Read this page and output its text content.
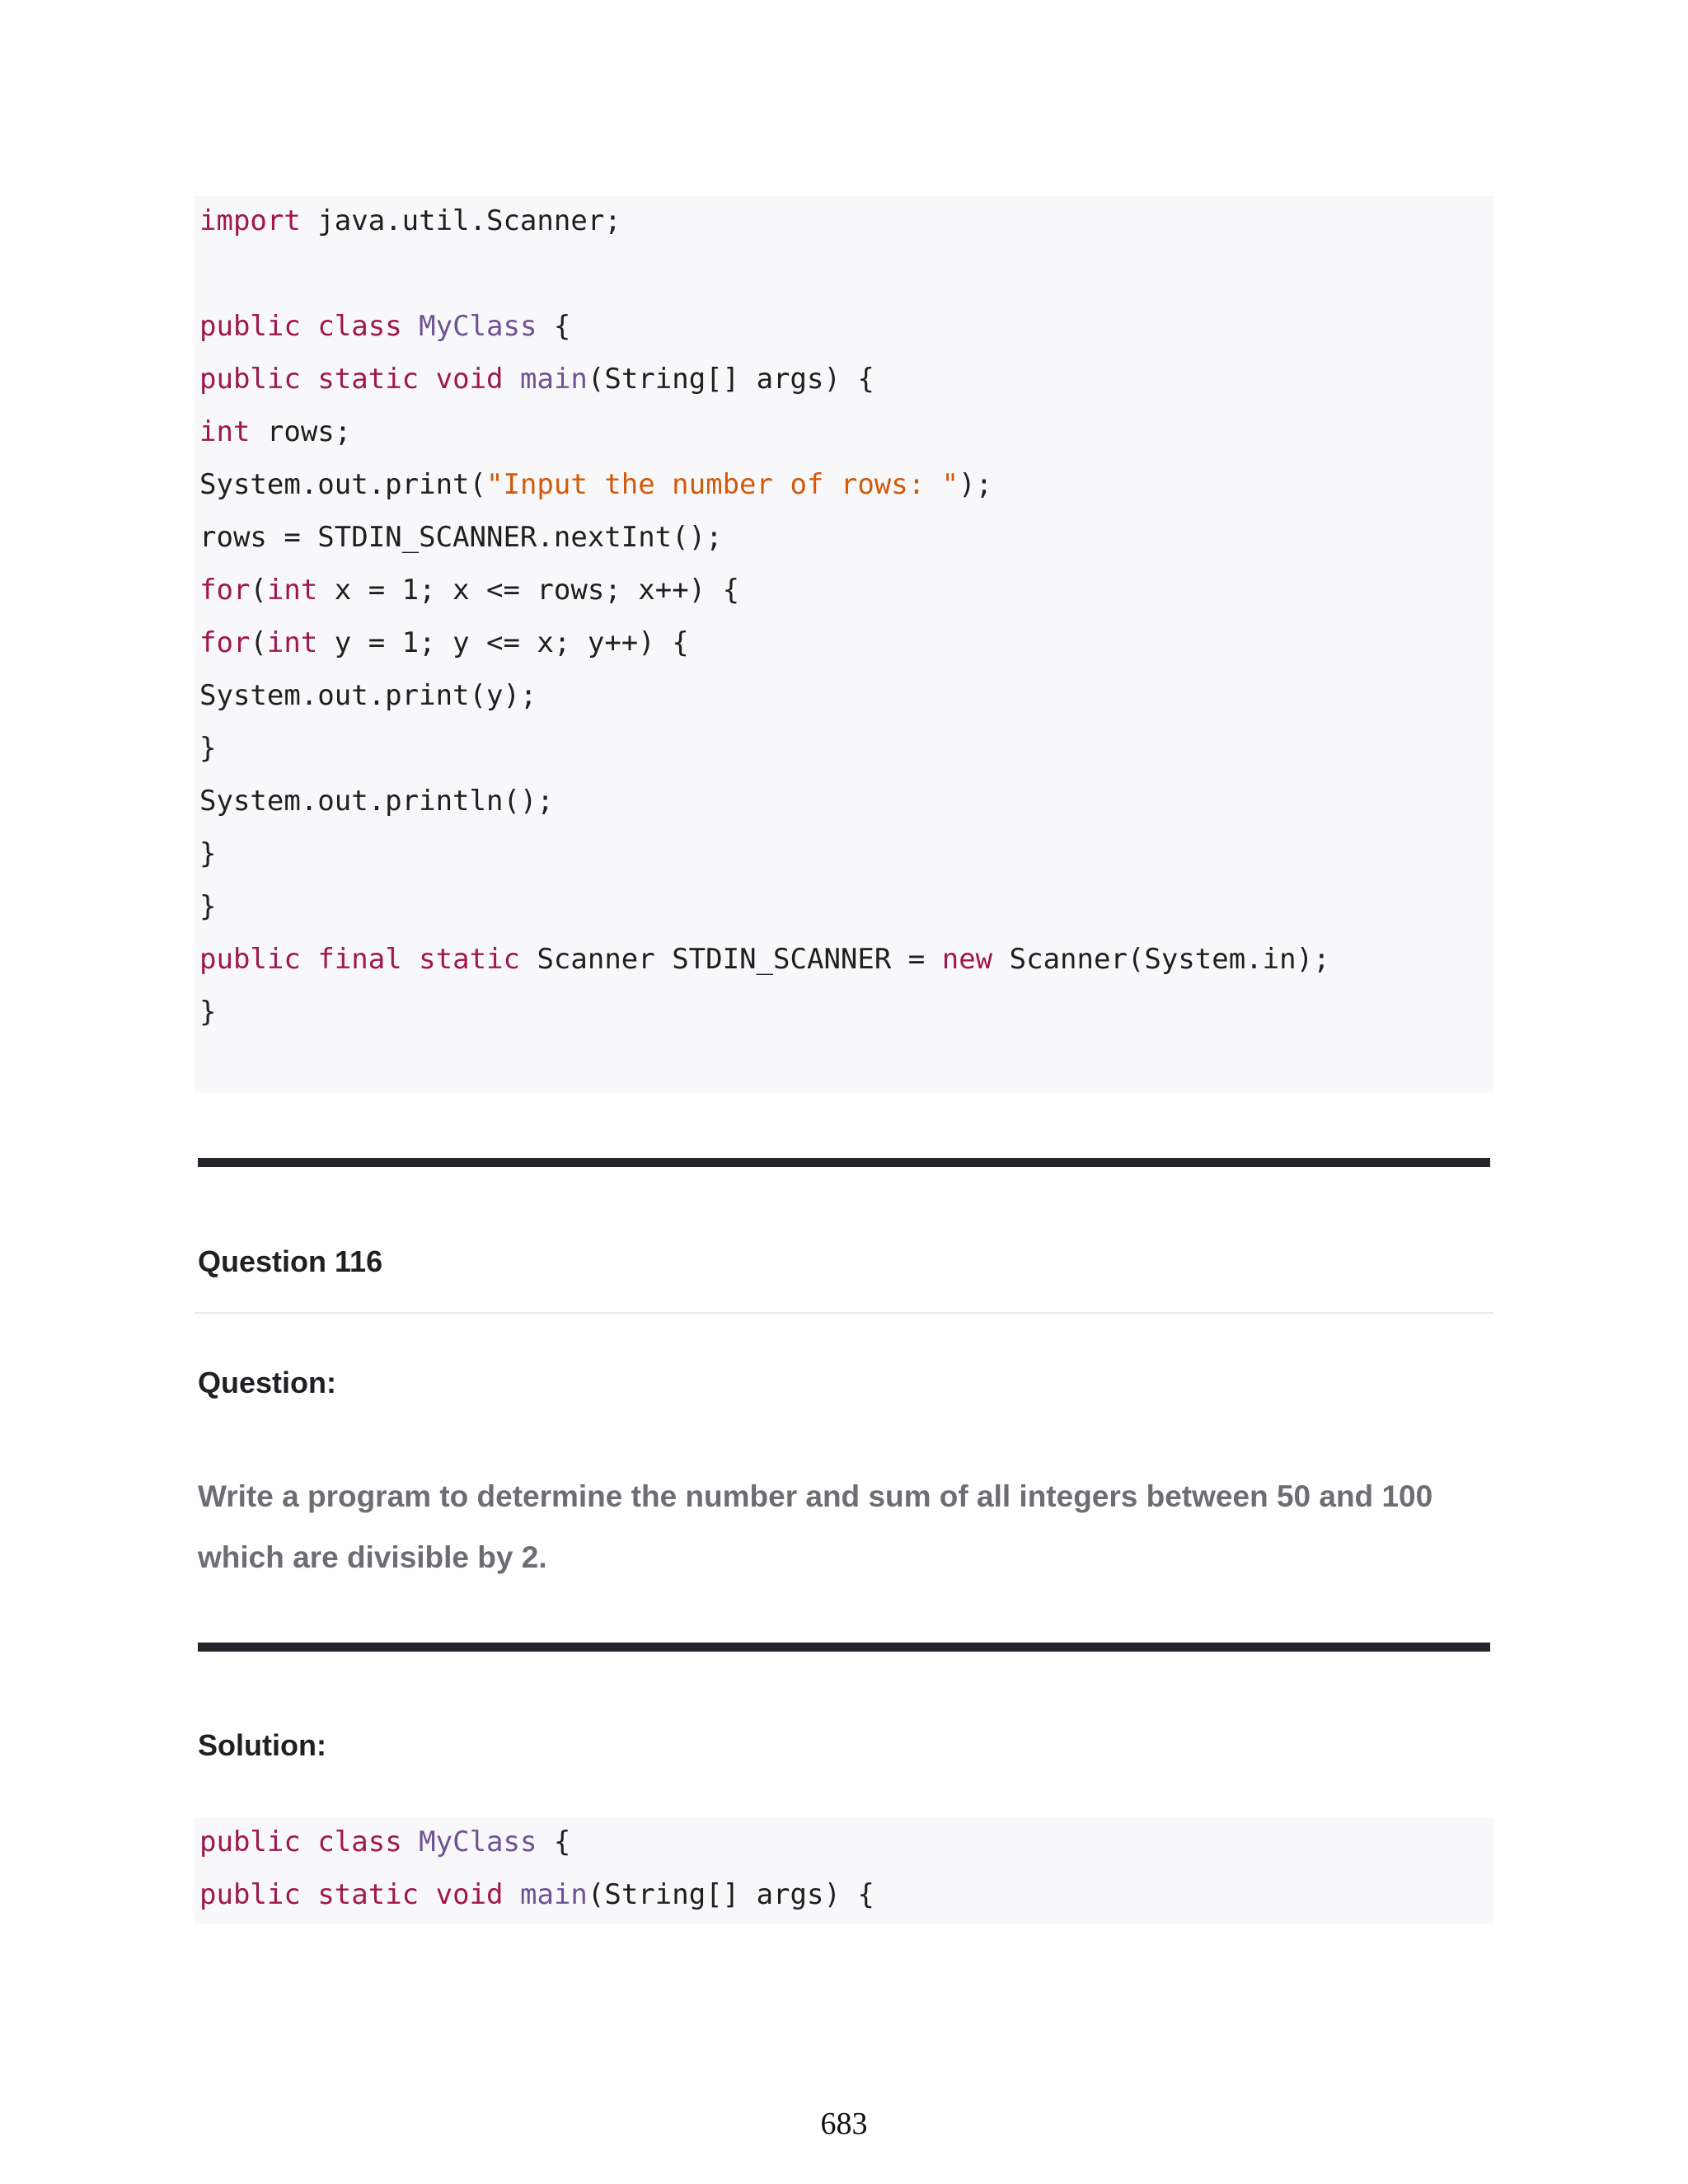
import java.util.Scanner;
public class MyClass {
public static void main(String[] args) {
int rows;
System.out.print("Input the number of rows: ");
rows = STDIN_SCANNER.nextInt();
for(int x = 1; x <= rows; x++) {
for(int y = 1; y <= x; y++) {
System.out.print(y);
}
System.out.println();
}
}
public final static Scanner STDIN_SCANNER = new Scanner(System.in);
}
Question 116
Question:
Write a program to determine the number and sum of all integers between 50 and 100 which are divisible by 2.
Solution:
public class MyClass {
public static void main(String[] args) {
683
